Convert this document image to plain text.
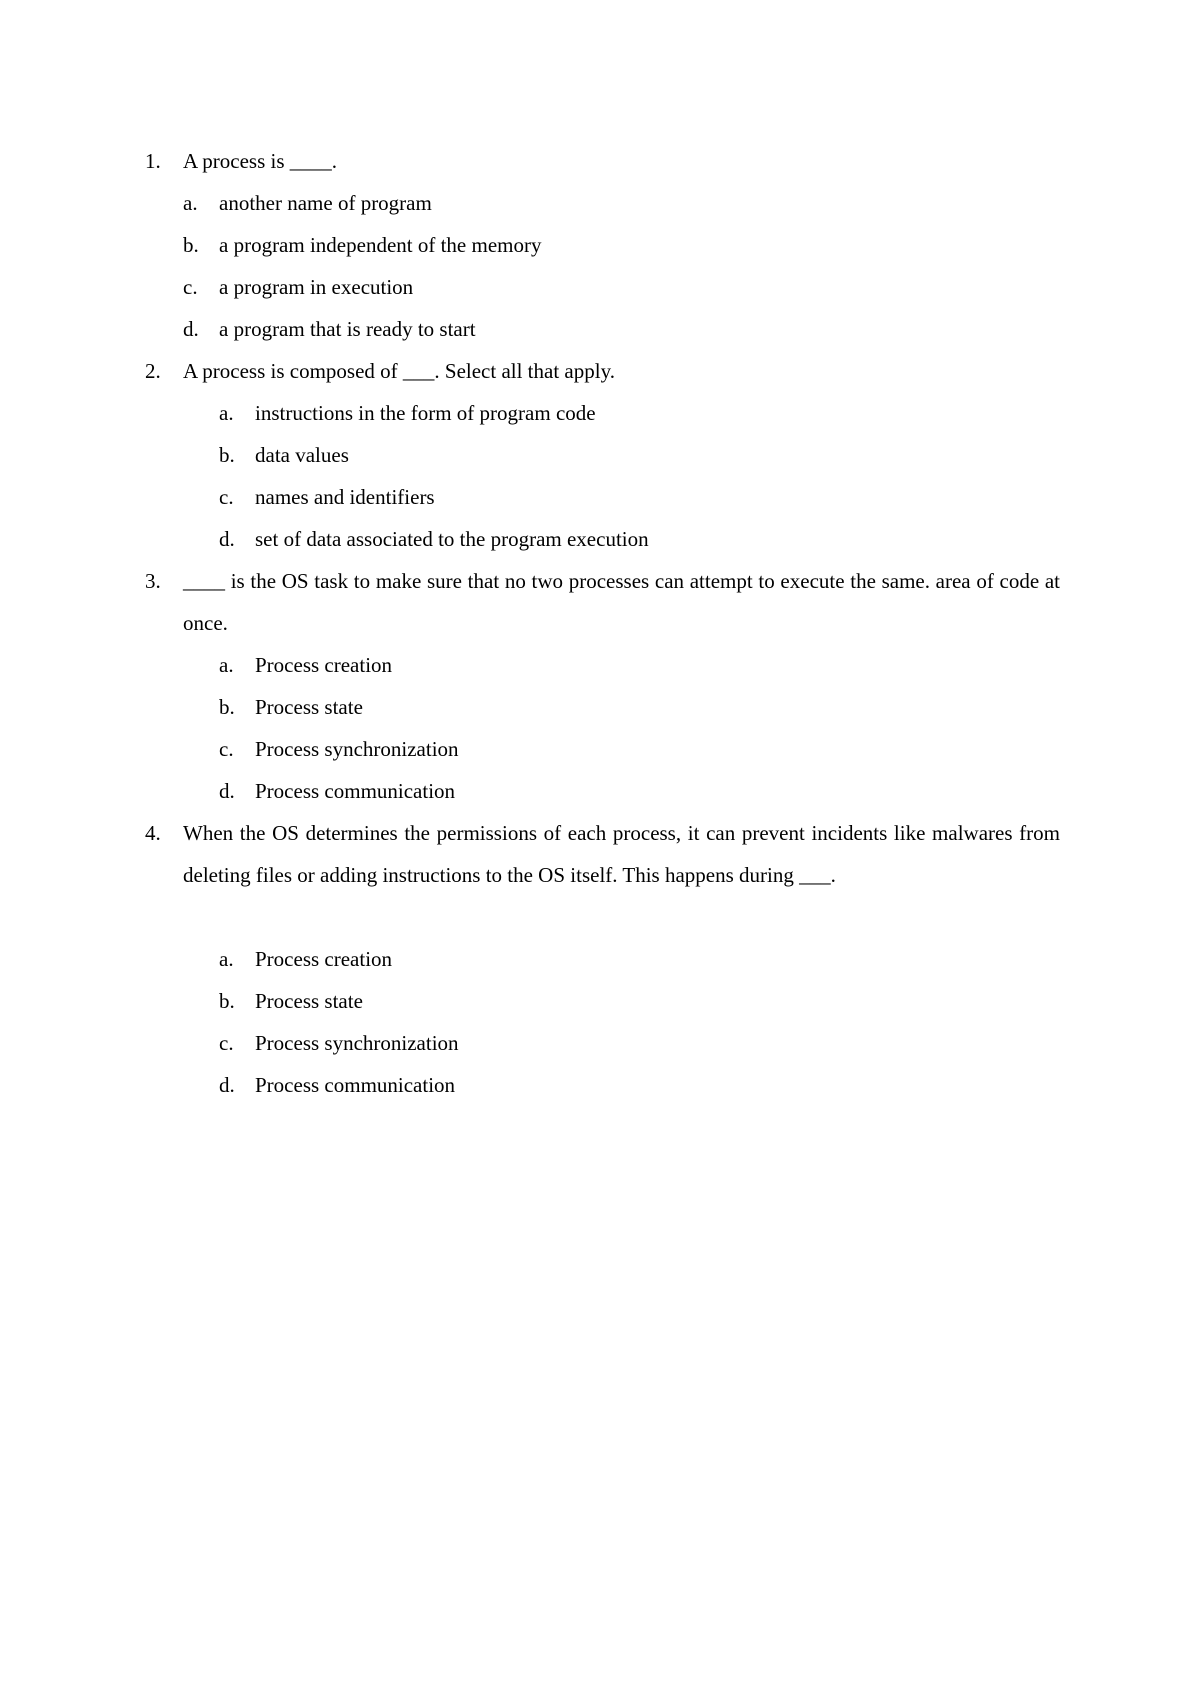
1.	A process is ____.
a. another name of program
b. a program independent of the memory
c. a program in execution
d. a program that is ready to start
2.	A process is composed of ___. Select all that apply.
a. instructions in the form of program code
b. data values
c. names and identifiers
d. set of data associated to the program execution
3.	____ is the OS task to make sure that no two processes can attempt to execute the same. area of code at once.
a. Process creation
b. Process state
c. Process synchronization
d. Process communication
4.	When the OS determines the permissions of each process, it can prevent incidents like malwares from deleting files or adding instructions to the OS itself. This happens during ___.
a. Process creation
b. Process state
c. Process synchronization
d. Process communication
